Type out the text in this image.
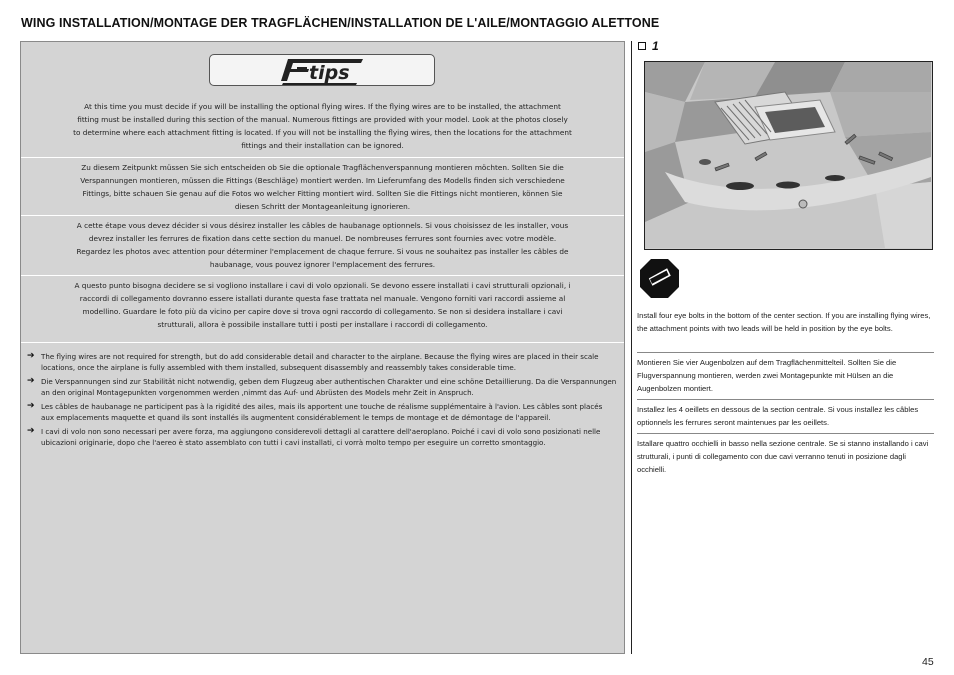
WING INSTALLATION/MONTAGE DER TRAGFLÄCHEN/INSTALLATION DE L'AILE/MONTAGGIO ALETTONE
tips
At this time you must decide if you will be installing the optional flying wires. If the flying wires are to be installed, the attachment fitting must be installed during this section of the manual. Numerous fittings are provided with your model. Look at the photos closely to determine where each attachment fitting is located. If you will not be installing the flying wires, then the locations for the attachment fittings and their installation can be ignored.
Zu diesem Zeitpunkt müssen Sie sich entscheiden ob Sie die optionale Tragflächenverspannung montieren möchten. Sollten Sie die Verspannungen montieren, müssen die Fittings (Beschläge) montiert werden. Im Lieferumfang des Modells finden sich verschiedene Fittings, bitte schauen Sie genau auf die Fotos wo welcher Fitting montiert wird. Sollten Sie die Fittings nicht montieren, können Sie diesen Schritt der Montageanleitung ignorieren.
A cette étape vous devez décider si vous désirez installer les câbles de haubanage optionnels. Si vous choisissez de les installer, vous devrez installer les ferrures de fixation dans cette section du manuel. De nombreuses ferrures sont fournies avec votre modèle. Regardez les photos avec attention pour déterminer l'emplacement de chaque ferrure. Si vous ne souhaitez pas installer les câbles de haubanage, vous pouvez ignorer l'emplacement des ferrures.
A questo punto bisogna decidere se si vogliono installare i cavi di volo opzionali. Se devono essere installati i cavi strutturali opzionali, i raccordi di collegamento dovranno essere istallati durante questa fase trattata nel manuale. Vengono forniti vari raccordi assieme al modellino. Guardare le foto più da vicino per capire dove si trova ogni raccordo di collegamento. Se non si desidera installare i cavi strutturali, allora è possibile installare tutti i posti per installare i raccordi di collegamento.
➔ The flying wires are not required for strength, but do add considerable detail and character to the airplane. Because the flying wires are placed in their scale locations, once the airplane is fully assembled with them installed, subsequent disassembly and reassembly takes considerable time.
➔ Die Verspannungen sind zur Stabilität nicht notwendig, geben dem Flugzeug aber authentischen Charakter und eine schöne Detaillierung. Da die Verspannungen an den original Montagepunkten vorgenommen werden ,nimmt das Auf- und Abrüsten des Models mehr Zeit in Anspruch.
➔ Les câbles de haubanage ne participent pas à la rigidité des ailes, mais ils apportent une touche de réalisme supplémentaire à l'avion. Les câbles sont placés aux emplacements maquette et quand ils sont installés ils augmentent considérablement le temps de montage et de démontage de l'appareil.
➔ I cavi di volo non sono necessari per avere forza, ma aggiungono considerevoli dettagli al carattere dell'aeroplano. Poiché i cavi di volo sono posizionati nelle ubicazioni originarie, dopo che l'aereo è stato assemblato con tutti i cavi installati, ci vorrà molto tempo per eseguire un corretto smontaggio.
1
Install four eye bolts in the bottom of the center section. If you are installing flying wires, the attachment points with two leads will be held in position by the eye bolts.
Montieren Sie vier Augenbolzen auf dem Tragflächenmittelteil. Sollten Sie die Flugverspannung montieren, werden zwei Montagepunkte mit Hülsen an die Augenbolzen montiert.
Installez les 4 oeillets en dessous de la section centrale. Si vous installez les câbles optionnels les ferrures seront maintenues par les oeillets.
Istallare quattro occhielli in basso nella sezione centrale. Se si stanno installando i cavi strutturali, i punti di collegamento con due cavi verranno tenuti in posizione dagli occhielli.
45
